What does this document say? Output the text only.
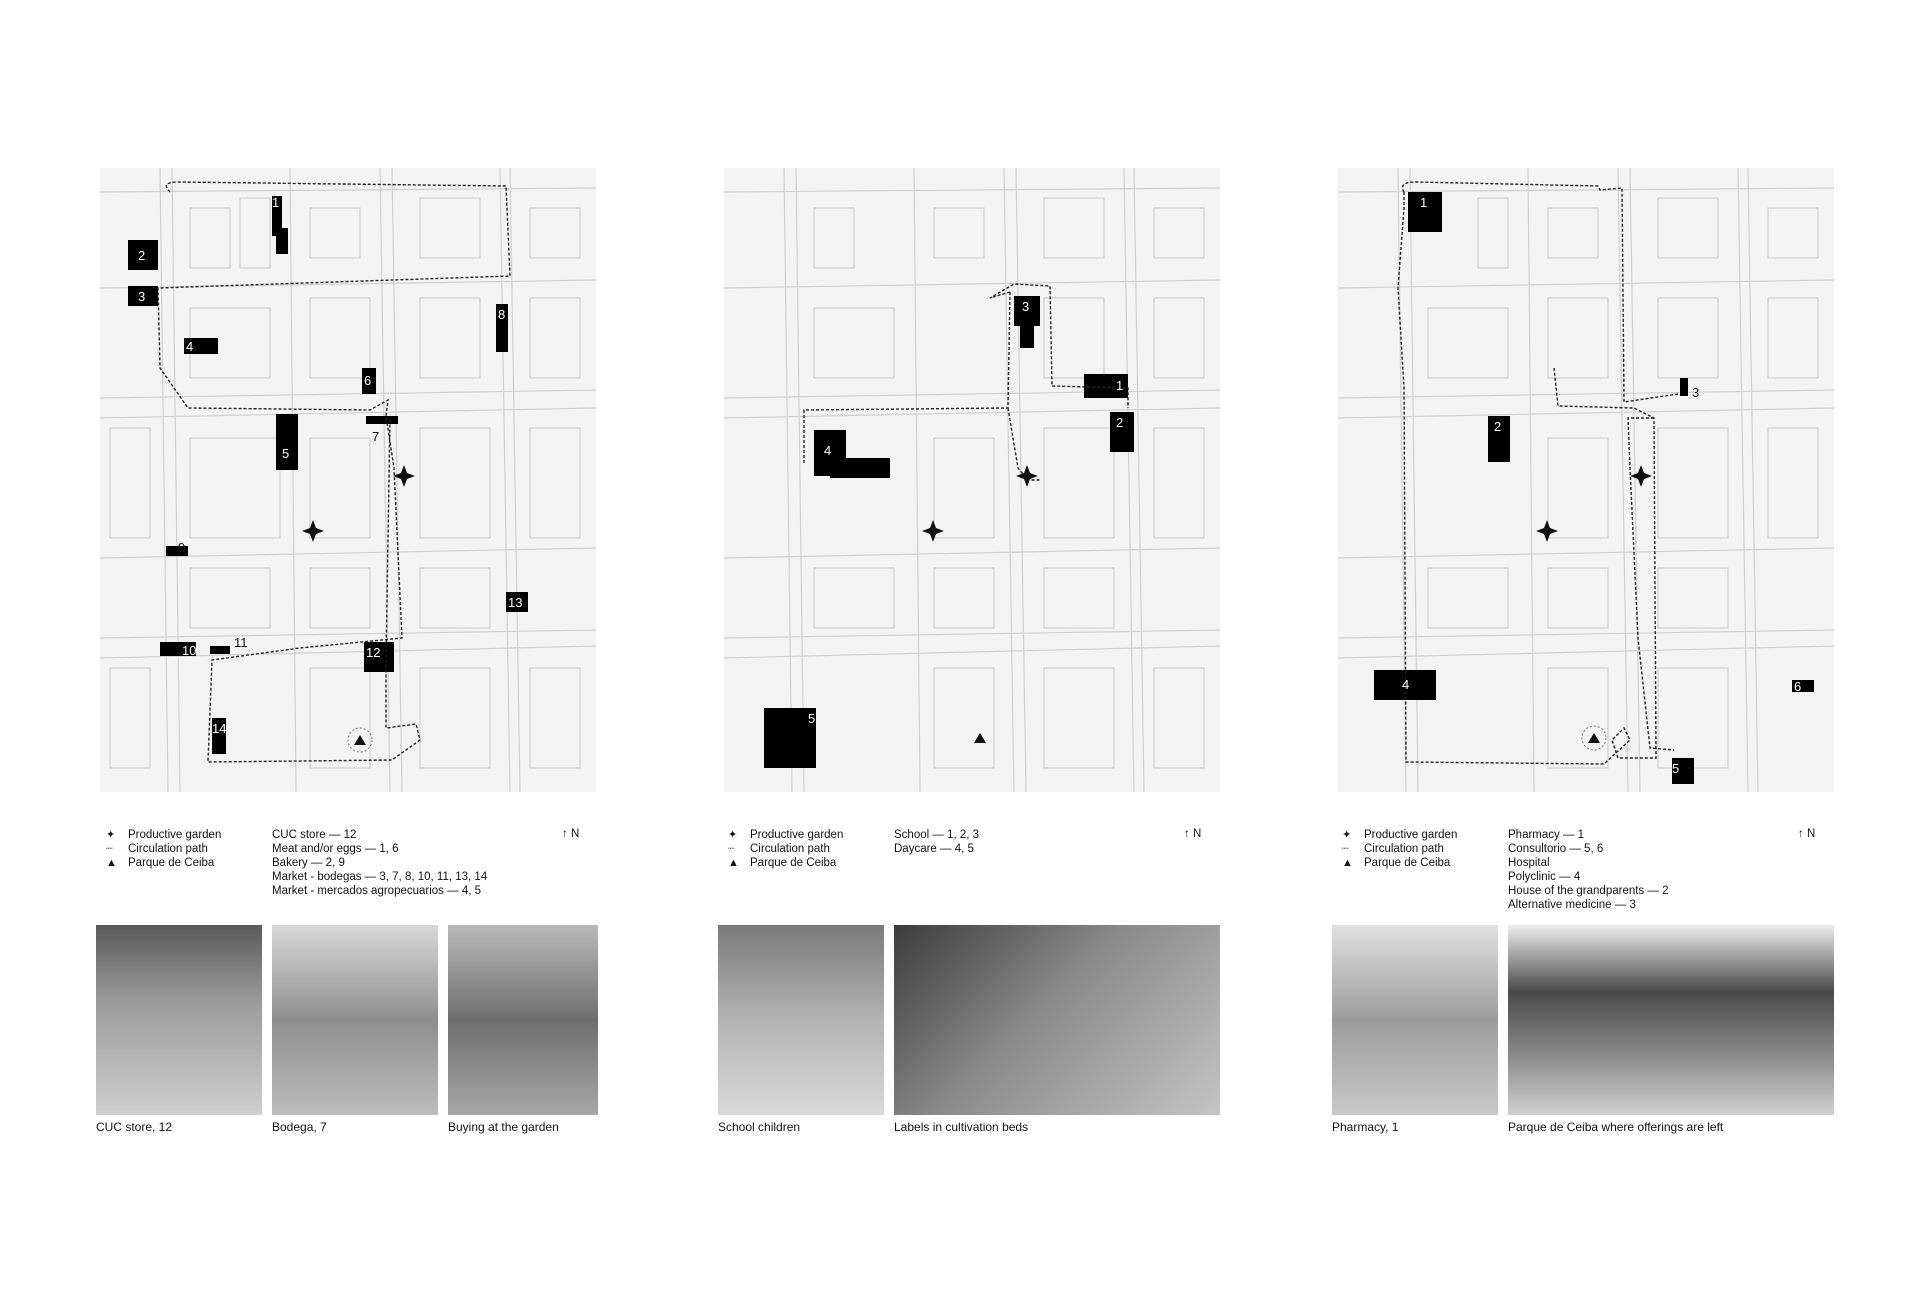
1
2
3
4
5
6
7
8
9
10
11
12
13
14
✦	Productive garden
┈	Circulation path
▲ Parque de Ceiba
CUC store — 12
Meat and/or eggs — 1, 6
Bakery — 2, 9
Market - bodegas — 3, 7, 8, 10, 11, 13, 14
Market - mercados agropecuarios — 4, 5
↑ N
CUC store, 12	Bodega, 7	Buying at the garden
1
2
3
4
5
✦	Productive garden
┈	Circulation path
▲ Parque de Ceiba
School — 1, 2, 3
Daycare — 4, 5
↑ N
School children	Labels in cultivation beds
1
2
3
4
5
6
✦	Productive garden
┈	Circulation path
▲ Parque de Ceiba
Pharmacy — 1
Consultorio — 5, 6
Hospital
Polyclinic — 4
House of the grandparents — 2
Alternative medicine — 3
↑ N
Pharmacy, 1	Parque de Ceiba where offerings are left
